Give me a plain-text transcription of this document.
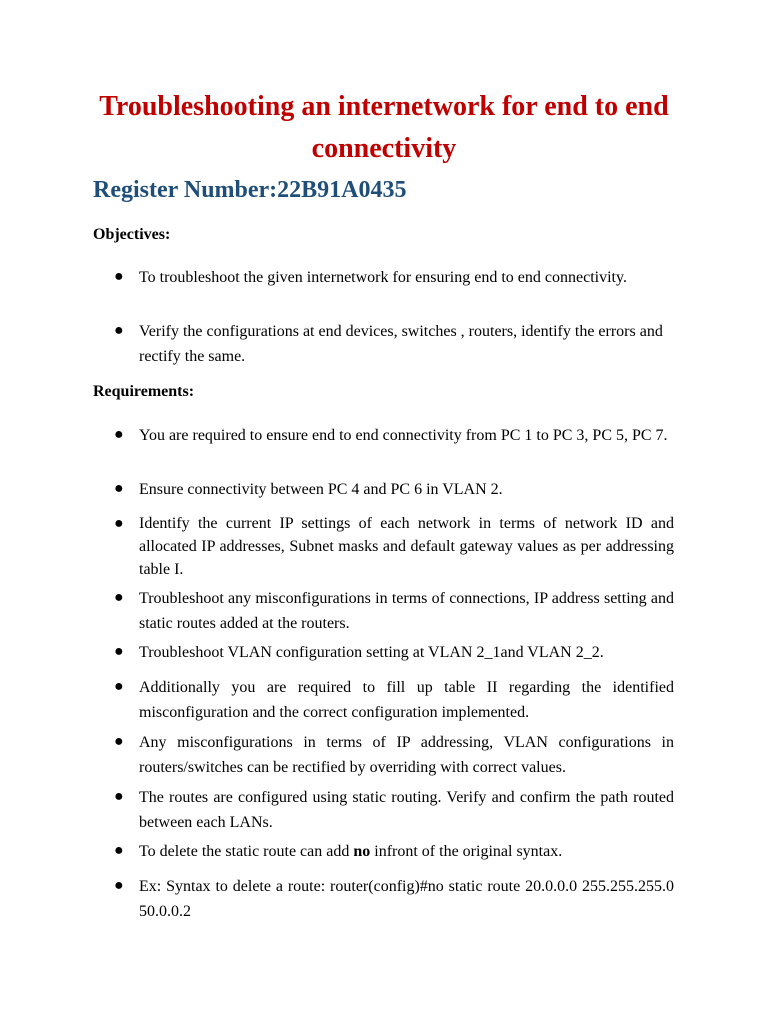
Troubleshooting an internetwork for end to end connectivity
Register Number:22B91A0435
Objectives:
● To troubleshoot the given internetwork for ensuring end to end connectivity.
● Verify the configurations at end devices, switches , routers, identify the errors and rectify the same.
Requirements:
● You are required to ensure end to end connectivity from PC 1 to PC 3, PC 5, PC 7.
● Ensure connectivity between PC 4 and PC 6 in VLAN 2.
● Identify the current IP settings of each network in terms of network ID and allocated IP addresses, Subnet masks and default gateway values as per addressing table I.
● Troubleshoot any misconfigurations in terms of connections, IP address setting and static routes added at the routers.
● Troubleshoot VLAN configuration setting at VLAN 2_1and VLAN 2_2.
● Additionally you are required to fill up table II regarding the identified misconfiguration and the correct configuration implemented.
● Any misconfigurations in terms of IP addressing, VLAN configurations in routers/switches can be rectified by overriding with correct values.
● The routes are configured using static routing. Verify and confirm the path routed between each LANs.
● To delete the static route can add no infront of the original syntax.
● Ex: Syntax to delete a route: router(config)#no static route 20.0.0.0 255.255.255.0 50.0.0.2
